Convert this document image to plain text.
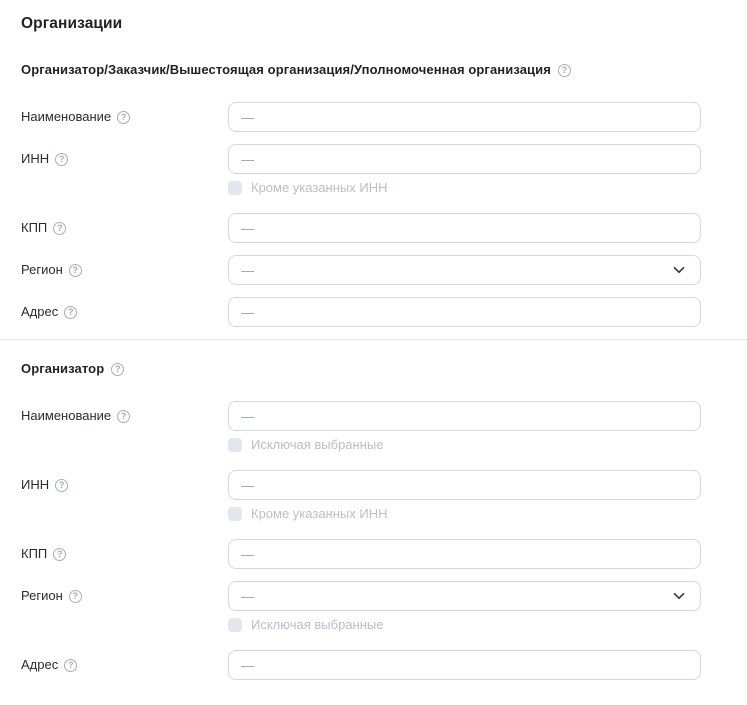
Организации
Организатор/Заказчик/Вышестоящая организация/Уполномоченная организация	?
Наименование	?
—
ИНН	?
—
Кроме указанных ИНН
КПП	?
—
Регион	?	—
Адрес	?
—
Организатор	?
Наименование	?
—
Исключая выбранные
ИНН	?
—
Кроме указанных ИНН
КПП	?
—
Регион	?	—
Исключая выбранные
Адрес	?
—
